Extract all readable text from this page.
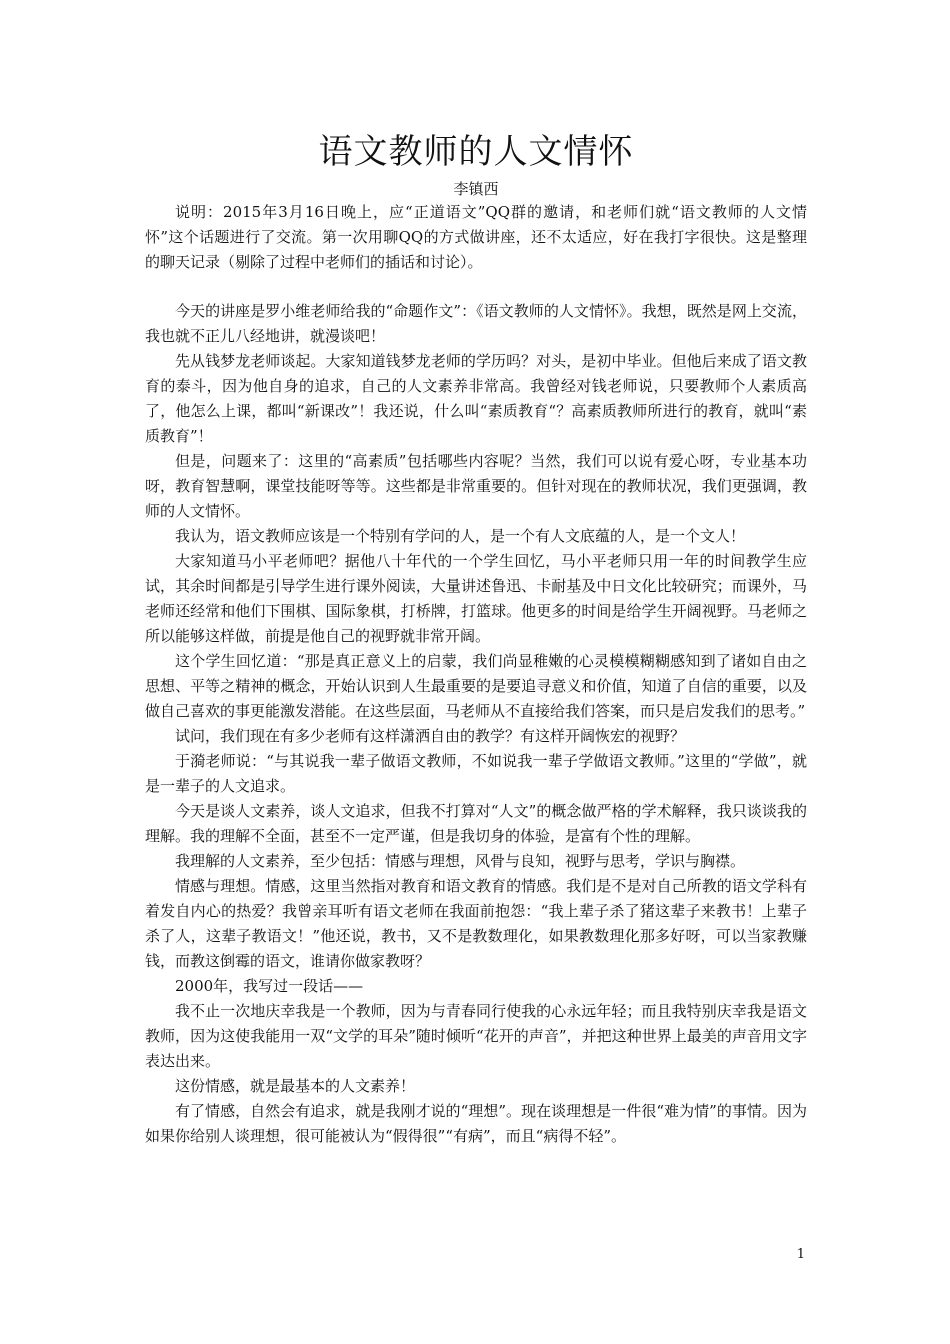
语文教师的人文情怀

李镇西

说明：2015年3月16日晚上，应“正道语文”QQ群的邀请，和老师们就“语文教师的人文情怀”这个话题进行了交流。第一次用聊QQ的方式做讲座，还不太适应，好在我打字很快。这是整理的聊天记录（剔除了过程中老师们的插话和讨论）。

今天的讲座是罗小维老师给我的“命题作文”：《语文教师的人文情怀》。我想，既然是网上交流，我也就不正儿八经地讲，就漫谈吧！

先从钱梦龙老师谈起。大家知道钱梦龙老师的学历吗？对头，是初中毕业。但他后来成了语文教育的泰斗，因为他自身的追求，自己的人文素养非常高。我曾经对钱老师说，只要教师个人素质高了，他怎么上课，都叫“新课改”！我还说，什么叫“素质教育“？高素质教师所进行的教育，就叫“素质教育”！

但是，问题来了：这里的“高素质”包括哪些内容呢？当然，我们可以说有爱心呀，专业基本功呀，教育智慧啊，课堂技能呀等等。这些都是非常重要的。但针对现在的教师状况，我们更强调，教师的人文情怀。

我认为，语文教师应该是一个特别有学问的人，是一个有人文底蕴的人，是一个文人！

大家知道马小平老师吧？据他八十年代的一个学生回忆，马小平老师只用一年的时间教学生应试，其余时间都是引导学生进行课外阅读，大量讲述鲁迅、卡耐基及中日文化比较研究；而课外，马老师还经常和他们下围棋、国际象棋，打桥牌，打篮球。他更多的时间是给学生开阔视野。马老师之所以能够这样做，前提是他自己的视野就非常开阔。

这个学生回忆道：“那是真正意义上的启蒙，我们尚显稚嫩的心灵模模糊糊感知到了诸如自由之思想、平等之精神的概念，开始认识到人生最重要的是要追寻意义和价值，知道了自信的重要，以及做自己喜欢的事更能激发潜能。在这些层面，马老师从不直接给我们答案，而只是启发我们的思考。”

试问，我们现在有多少老师有这样潇洒自由的教学？有这样开阔恢宏的视野？

于漪老师说：“与其说我一辈子做语文教师，不如说我一辈子学做语文教师。”这里的“学做”，就是一辈子的人文追求。

今天是谈人文素养，谈人文追求，但我不打算对“人文”的概念做严格的学术解释，我只谈谈我的理解。我的理解不全面，甚至不一定严谨，但是我切身的体验，是富有个性的理解。

我理解的人文素养，至少包括：情感与理想，风骨与良知，视野与思考，学识与胸襟。

情感与理想。情感，这里当然指对教育和语文教育的情感。我们是不是对自己所教的语文学科有着发自内心的热爱？我曾亲耳听有语文老师在我面前抱怨：“我上辈子杀了猪这辈子来教书！上辈子杀了人，这辈子教语文！”他还说，教书，又不是教数理化，如果教数理化那多好呀，可以当家教赚钱，而教这倒霉的语文，谁请你做家教呀？

2000年，我写过一段话——

我不止一次地庆幸我是一个教师，因为与青春同行使我的心永远年轻；而且我特别庆幸我是语文教师，因为这使我能用一双“文学的耳朵”随时倾听“花开的声音”，并把这种世界上最美的声音用文字表达出来。

这份情感，就是最基本的人文素养！

有了情感，自然会有追求，就是我刚才说的“理想”。现在谈理想是一件很“难为情”的事情。因为如果你给别人谈理想，很可能被认为“假得很”“有病”，而且“病得不轻”。

1
